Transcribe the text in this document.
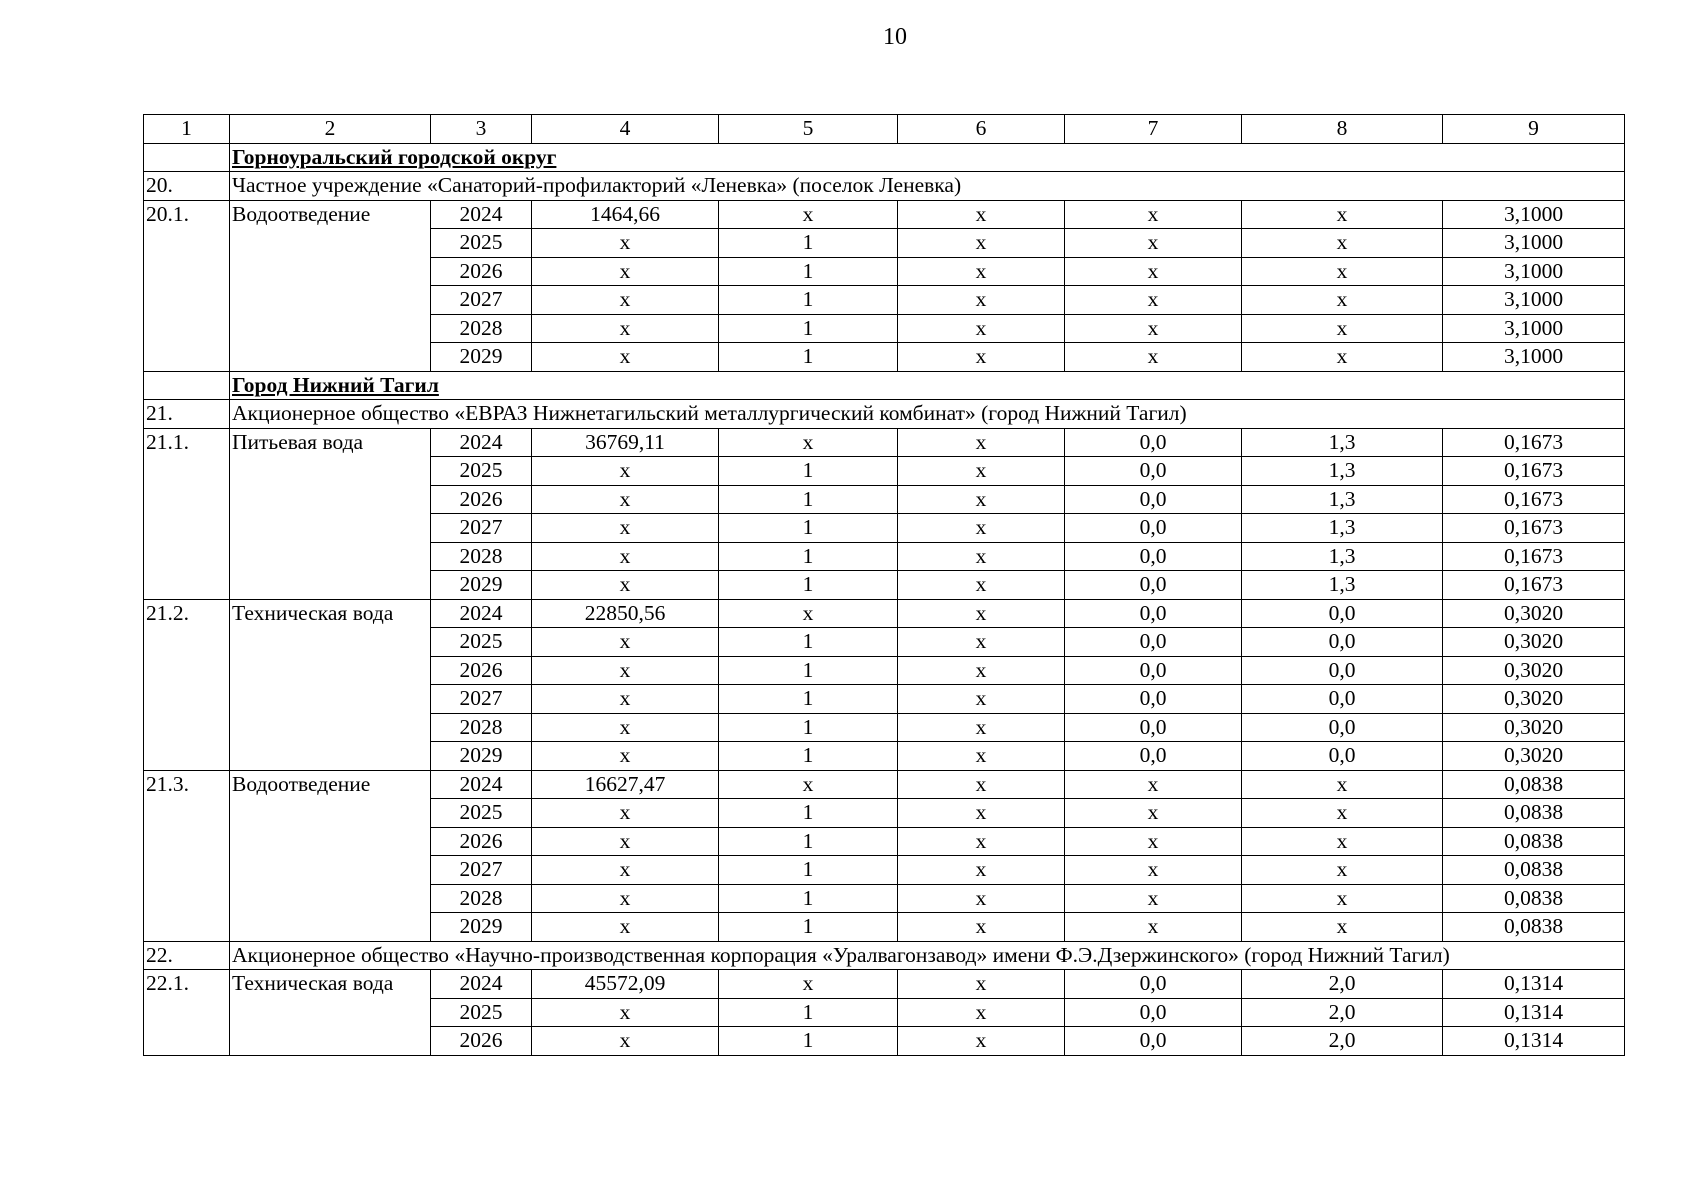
10
1	2	3	4	5	6	7	8	9
	Горноуральский городской округ							
20.	Частное учреждение «Санаторий-профилакторий «Леневка» (поселок Леневка)							
20.1.	Водоотведение	2024	1464,66	x	x	x	x	3,1000
		2025	x	1	x	x	x	3,1000
		2026	x	1	x	x	x	3,1000
		2027	x	1	x	x	x	3,1000
		2028	x	1	x	x	x	3,1000
		2029	x	1	x	x	x	3,1000
	Город Нижний Тагил							
21.	Акционерное общество «ЕВРАЗ Нижнетагильский металлургический комбинат» (город Нижний Тагил)							
21.1.	Питьевая вода	2024	36769,11	x	x	0,0	1,3	0,1673
		2025	x	1	x	0,0	1,3	0,1673
		2026	x	1	x	0,0	1,3	0,1673
		2027	x	1	x	0,0	1,3	0,1673
		2028	x	1	x	0,0	1,3	0,1673
		2029	x	1	x	0,0	1,3	0,1673
21.2.	Техническая вода	2024	22850,56	x	x	0,0	0,0	0,3020
		2025	x	1	x	0,0	0,0	0,3020
		2026	x	1	x	0,0	0,0	0,3020
		2027	x	1	x	0,0	0,0	0,3020
		2028	x	1	x	0,0	0,0	0,3020
		2029	x	1	x	0,0	0,0	0,3020
21.3.	Водоотведение	2024	16627,47	x	x	x	x	0,0838
		2025	x	1	x	x	x	0,0838
		2026	x	1	x	x	x	0,0838
		2027	x	1	x	x	x	0,0838
		2028	x	1	x	x	x	0,0838
		2029	x	1	x	x	x	0,0838
22.	Акционерное общество «Научно-производственная корпорация «Уралвагонзавод» имени Ф.Э.Дзержинского» (город Нижний Тагил)							
22.1.	Техническая вода	2024	45572,09	x	x	0,0	2,0	0,1314
		2025	x	1	x	0,0	2,0	0,1314
		2026	x	1	x	0,0	2,0	0,1314
